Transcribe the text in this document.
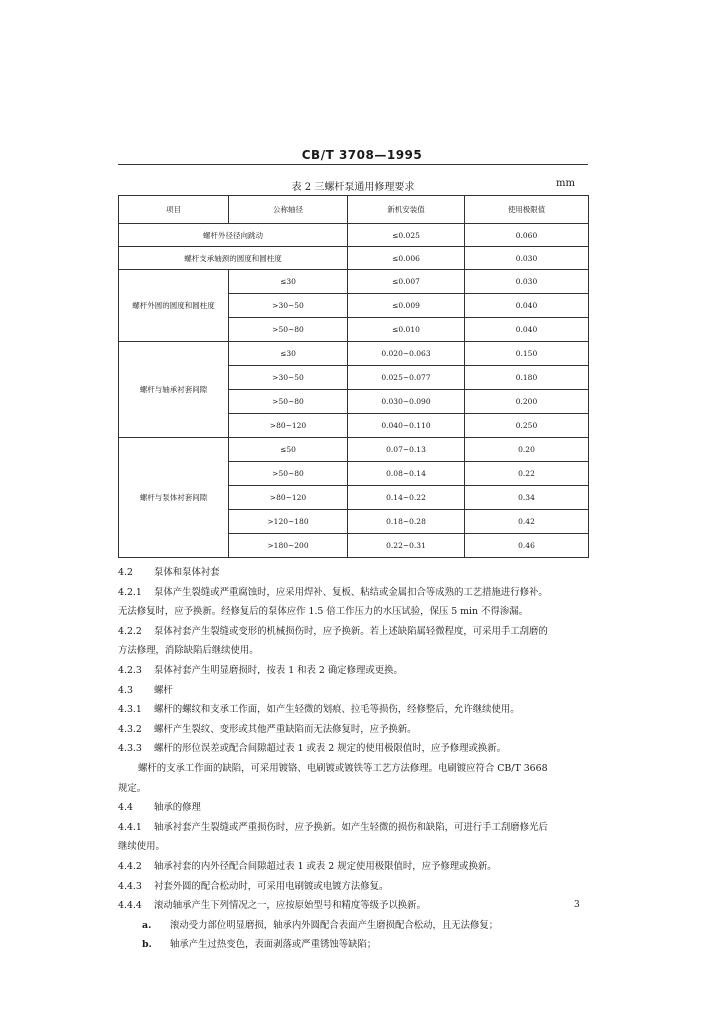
CB/T 3708—1995
表 2 三螺杆泵通用修理要求	mm
项目	公称轴径	新机安装值	使用极限值
螺杆外径径向跳动		≤0.025	0.060
螺杆支承轴颈的圆度和圆柱度		≤0.006	0.030
螺杆外圆的圆度和圆柱度	≤30	≤0.007	0.030
	>30~50	≤0.009	0.040
	>50~80	≤0.010	0.040
螺杆与轴承衬套间隙	≤30	0.020~0.063	0.150
	>30~50	0.025~0.077	0.180
	>50~80	0.030~0.090	0.200
	>80~120	0.040~0.110	0.250
螺杆与泵体衬套间隙	≤50	0.07~0.13	0.20
	>50~80	0.08~0.14	0.22
	>80~120	0.14~0.22	0.34
	>120~180	0.18~0.28	0.42
	>180~200	0.22~0.31	0.46

4.2 泵体和泵体衬套

4.2.1 泵体产生裂缝或严重腐蚀时，应采用焊补、复板、粘结或金属扣合等成熟的工艺措施进行修补。

无法修复时，应予换新。经修复后的泵体应作 1.5 倍工作压力的水压试验，保压 5 min 不得渗漏。

4.2.2 泵体衬套产生裂缝或变形的机械损伤时，应予换新。若上述缺陷属轻微程度，可采用手工刮磨的

方法修理，消除缺陷后继续使用。

4.2.3 泵体衬套产生明显磨损时，按表 1 和表 2 确定修理或更换。

4.3 螺杆

4.3.1 螺杆的螺纹和支承工作面，如产生轻微的划痕、拉毛等损伤，经修整后，允许继续使用。

4.3.2 螺杆产生裂纹、变形或其他严重缺陷而无法修复时，应予换新。

4.3.3 螺杆的形位误差或配合间隙超过表 1 或表 2 规定的使用极限值时，应予修理或换新。

螺杆的支承工作面的缺陷，可采用镀铬、电刷镀或镀铁等工艺方法修理。电刷镀应符合 CB/T 3668

规定。

4.4 轴承的修理

4.4.1 轴承衬套产生裂缝或严重损伤时，应予换新。如产生轻微的损伤和缺陷，可进行手工刮磨修光后

继续使用。

4.4.2 轴承衬套的内外径配合间隙超过表 1 或表 2 规定使用极限值时，应予修理或换新。

4.4.3 衬套外圆的配合松动时，可采用电刷镀或电镀方法修复。

4.4.4 滚动轴承产生下列情况之一，应按原始型号和精度等级予以换新。

a. 滚动受力部位明显磨损，轴承内外圆配合表面产生磨损配合松动，且无法修复；

b. 轴承产生过热变色，表面剥落或严重锈蚀等缺陷；

3
